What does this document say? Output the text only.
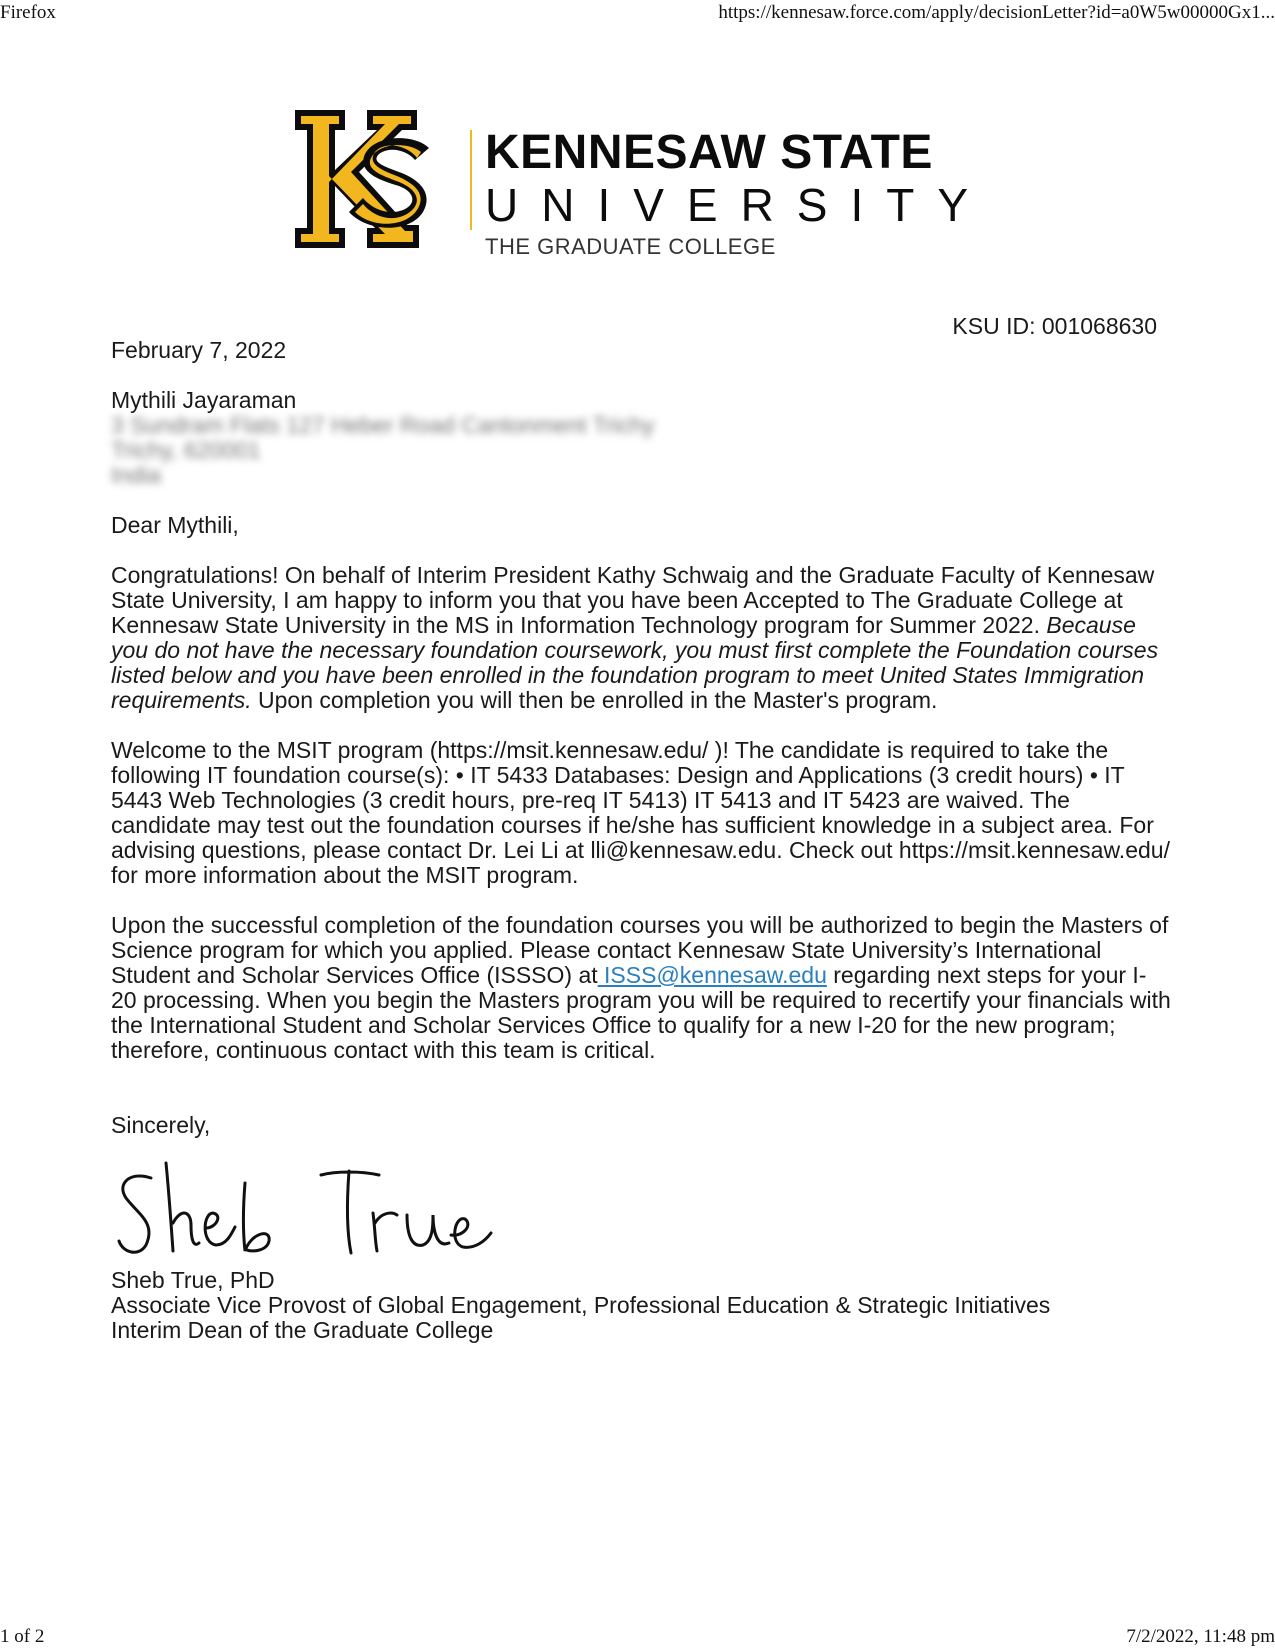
Firefox	https://kennesaw.force.com/apply/decisionLetter?id=a0W5w00000Gx1...
KENNESAW STATE
UNIVERSITY
THE GRADUATE COLLEGE
KSU ID: 001068630

February 7, 2022

Mythili Jayaraman
3 Sundram Flats 127 Heber Road Cantonment Trichy
Trichy, 620001
India

Dear Mythili,

Congratulations! On behalf of Interim President Kathy Schwaig and the Graduate Faculty of Kennesaw State University, I am happy to inform you that you have been Accepted to The Graduate College at Kennesaw State University in the MS in Information Technology program for Summer 2022. Because you do not have the necessary foundation coursework, you must first complete the Foundation courses listed below and you have been enrolled in the foundation program to meet United States Immigration requirements. Upon completion you will then be enrolled in the Master's program.

Welcome to the MSIT program (https://msit.kennesaw.edu/ )! The candidate is required to take the following IT foundation course(s): • IT 5433 Databases: Design and Applications (3 credit hours) • IT 5443 Web Technologies (3 credit hours, pre-req IT 5413) IT 5413 and IT 5423 are waived. The candidate may test out the foundation courses if he/she has sufficient knowledge in a subject area. For advising questions, please contact Dr. Lei Li at lli@kennesaw.edu. Check out https://msit.kennesaw.edu/ for more information about the MSIT program.

Upon the successful completion of the foundation courses you will be authorized to begin the Masters of Science program for which you applied. Please contact Kennesaw State University’s International Student and Scholar Services Office (ISSSO) at ISSS@kennesaw.edu regarding next steps for your I-20 processing. When you begin the Masters program you will be required to recertify your financials with the International Student and Scholar Services Office to qualify for a new I-20 for the new program; therefore, continuous contact with this team is critical.

Sincerely,

Sheb True, PhD
Associate Vice Provost of Global Engagement, Professional Education & Strategic Initiatives
Interim Dean of the Graduate College
1 of 2	7/2/2022, 11:48 pm
